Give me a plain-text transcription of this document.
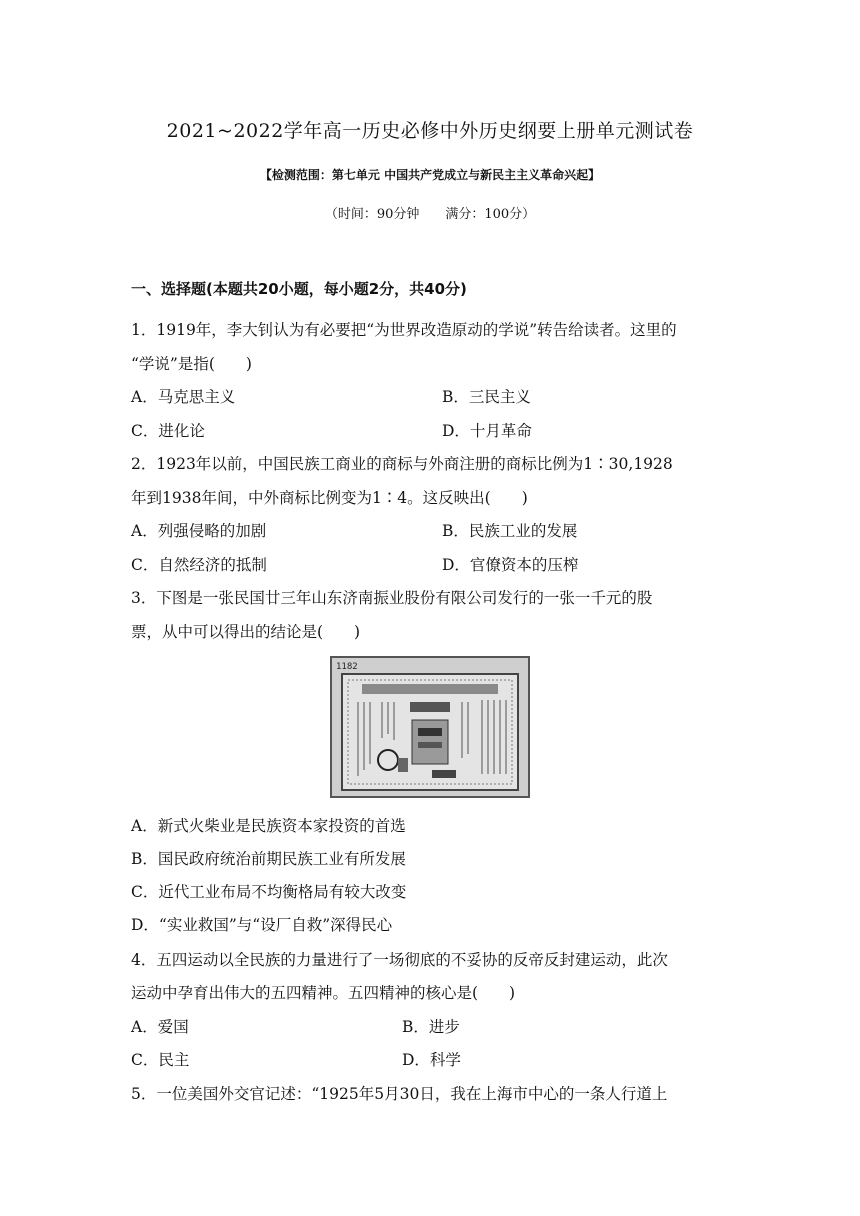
2021~2022学年高一历史必修中外历史纲要上册单元测试卷
【检测范围：第七单元 中国共产党成立与新民主主义革命兴起】
（时间：90分钟 满分：100分）
一、选择题(本题共20小题，每小题2分，共40分)
1．1919年，李大钊认为有必要把“为世界改造原动的学说”转告给读者。这里的
“学说”是指(　　)
A．马克思主义	B．三民主义
C．进化论	D．十月革命
2．1923年以前，中国民族工商业的商标与外商注册的商标比例为1∶30,1928
年到1938年间，中外商标比例变为1∶4。这反映出(　　)
A．列强侵略的加剧	B．民族工业的发展
C．自然经济的抵制	D．官僚资本的压榨
3．下图是一张民国廿三年山东济南振业股份有限公司发行的一张一千元的股
票，从中可以得出的结论是(　　)
1182
A．新式火柴业是民族资本家投资的首选
B．国民政府统治前期民族工业有所发展
C．近代工业布局不均衡格局有较大改变
D．“实业救国”与“设厂自救”深得民心
4．五四运动以全民族的力量进行了一场彻底的不妥协的反帝反封建运动，此次
运动中孕育出伟大的五四精神。五四精神的核心是(　　)
A．爱国	B．进步
C．民主	D．科学
5．一位美国外交官记述：“1925年5月30日，我在上海市中心的一条人行道上
